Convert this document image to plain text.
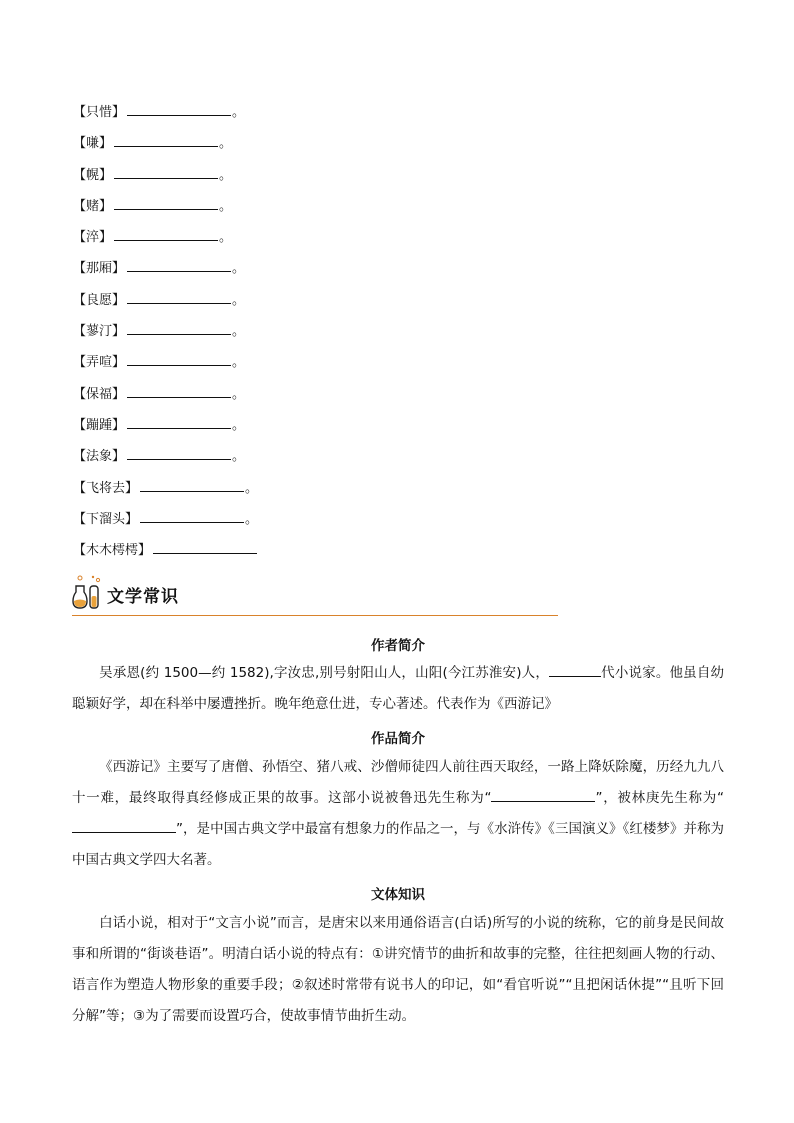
【只惜】	。
【嗛】	。
【幌】	。
【赌】	。
【淬】	。
【那厢】	。
【良愿】	。
【蓼汀】	。
【弄喧】	。
【保福】	。
【蹦踵】	。
【法象】	。
【飞将去】	。
【下溜头】	。
【木木樗樗】
文学常识
作者简介
吴承恩(约 1500—约 1582),字汝忠,别号射阳山人，山阳(今江苏淮安)人，	代小说家。他虽自幼聪颖好学，却在科举中屡遭挫折。晚年绝意仕进，专心著述。代表作为《西游记》
作品简介
《西游记》主要写了唐僧、孙悟空、猪八戒、沙僧师徒四人前往西天取经，一路上降妖除魔，历经九九八十一难，最终取得真经修成正果的故事。这部小说被鲁迅先生称为“	”，被林庚先生称为“”，是中国古典文学中最富有想象力的作品之一，与《水浒传》《三国演义》《红楼梦》并称为中国古典文学四大名著。
文体知识
白话小说，相对于“文言小说”而言，是唐宋以来用通俗语言(白话)所写的小说的统称，它的前身是民间故事和所谓的“街谈巷语”。明清白话小说的特点有：①讲究情节的曲折和故事的完整，往往把刻画人物的行动、语言作为塑造人物形象的重要手段；②叙述时常带有说书人的印记，如“看官听说”“且把闲话休提”“且听下回分解”等；③为了需要而设置巧合，使故事情节曲折生动。
